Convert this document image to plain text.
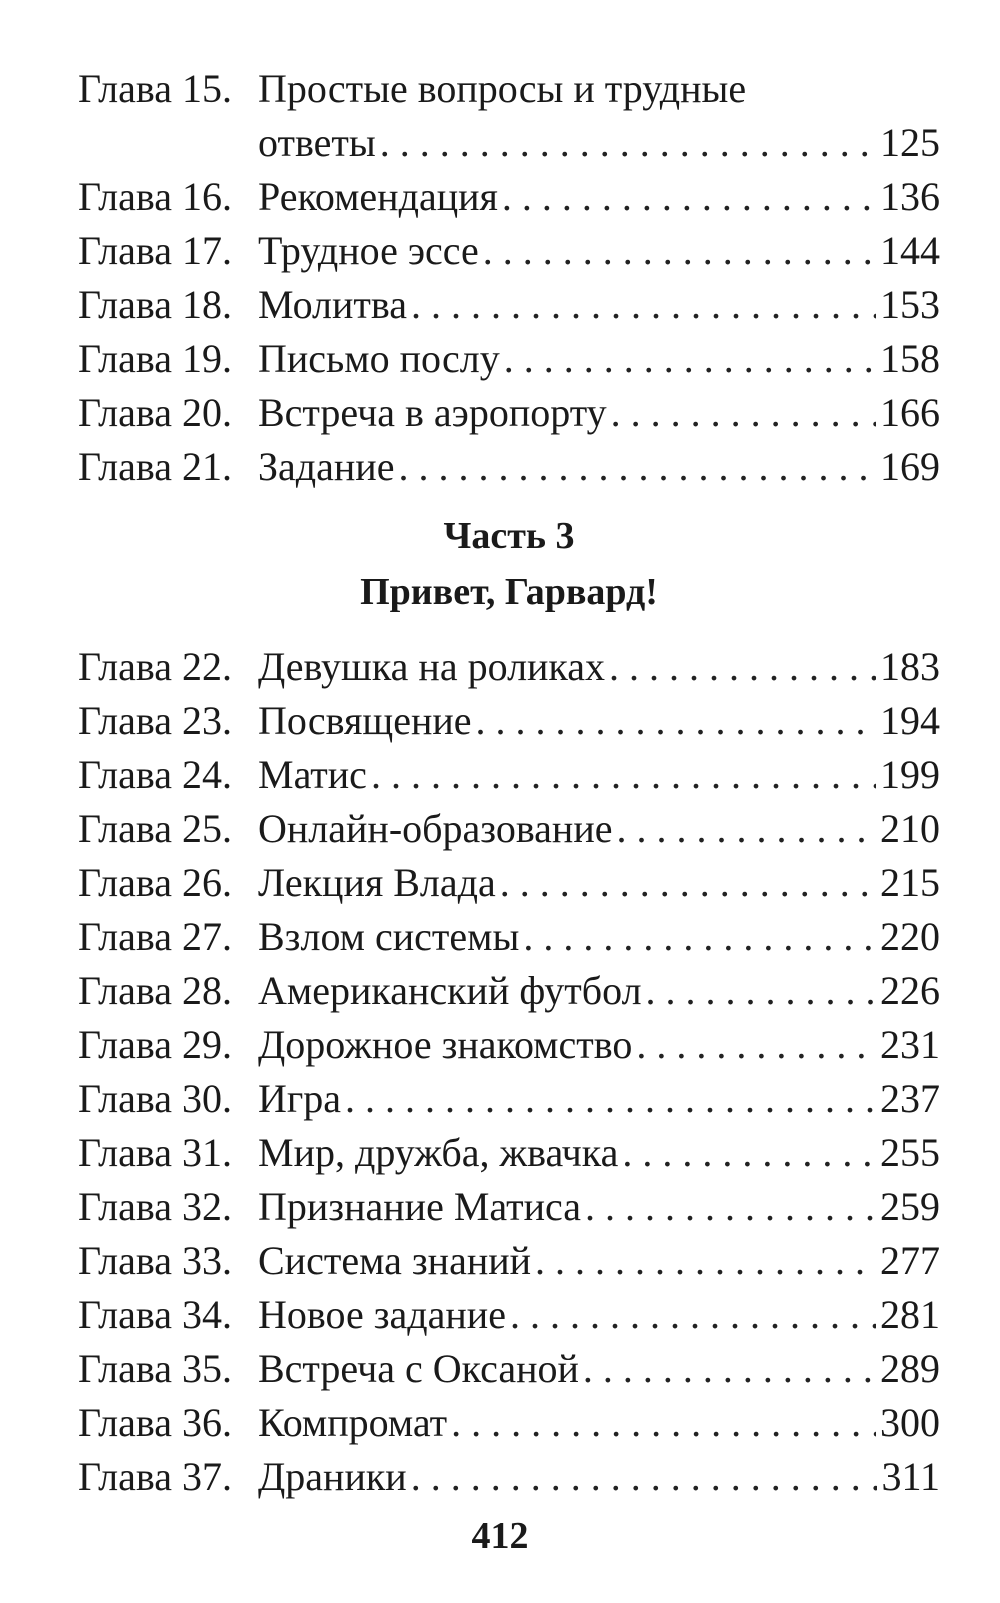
Глава 15. Простые вопросы и трудные
ответы . . .	125
Глава 16. Рекомендация . . .	136
Глава 17. Трудное эссе . . .	144
Глава 18. Молитва . . .	153
Глава 19. Письмо послу . . .	158
Глава 20. Встреча в аэропорту . . .	166
Глава 21. Задание . . .	169
Часть 3
Привет, Гарвард!
Глава 22. Девушка на роликах . . .	183
Глава 23. Посвящение . . .	194
Глава 24. Матис . . .	199
Глава 25. Онлайн-образование . . .	210
Глава 26. Лекция Влада . . .	215
Глава 27. Взлом системы . . .	220
Глава 28. Американский футбол . . .	226
Глава 29. Дорожное знакомство . . .	231
Глава 30. Игра . . .	237
Глава 31. Мир, дружба, жвачка . . .	255
Глава 32. Признание Матиса . . .	259
Глава 33. Система знаний . . .	277
Глава 34. Новое задание . . .	281
Глава 35. Встреча с Оксаной . . .	289
Глава 36. Компромат . . .	300
Глава 37. Драники . . .	311
412
